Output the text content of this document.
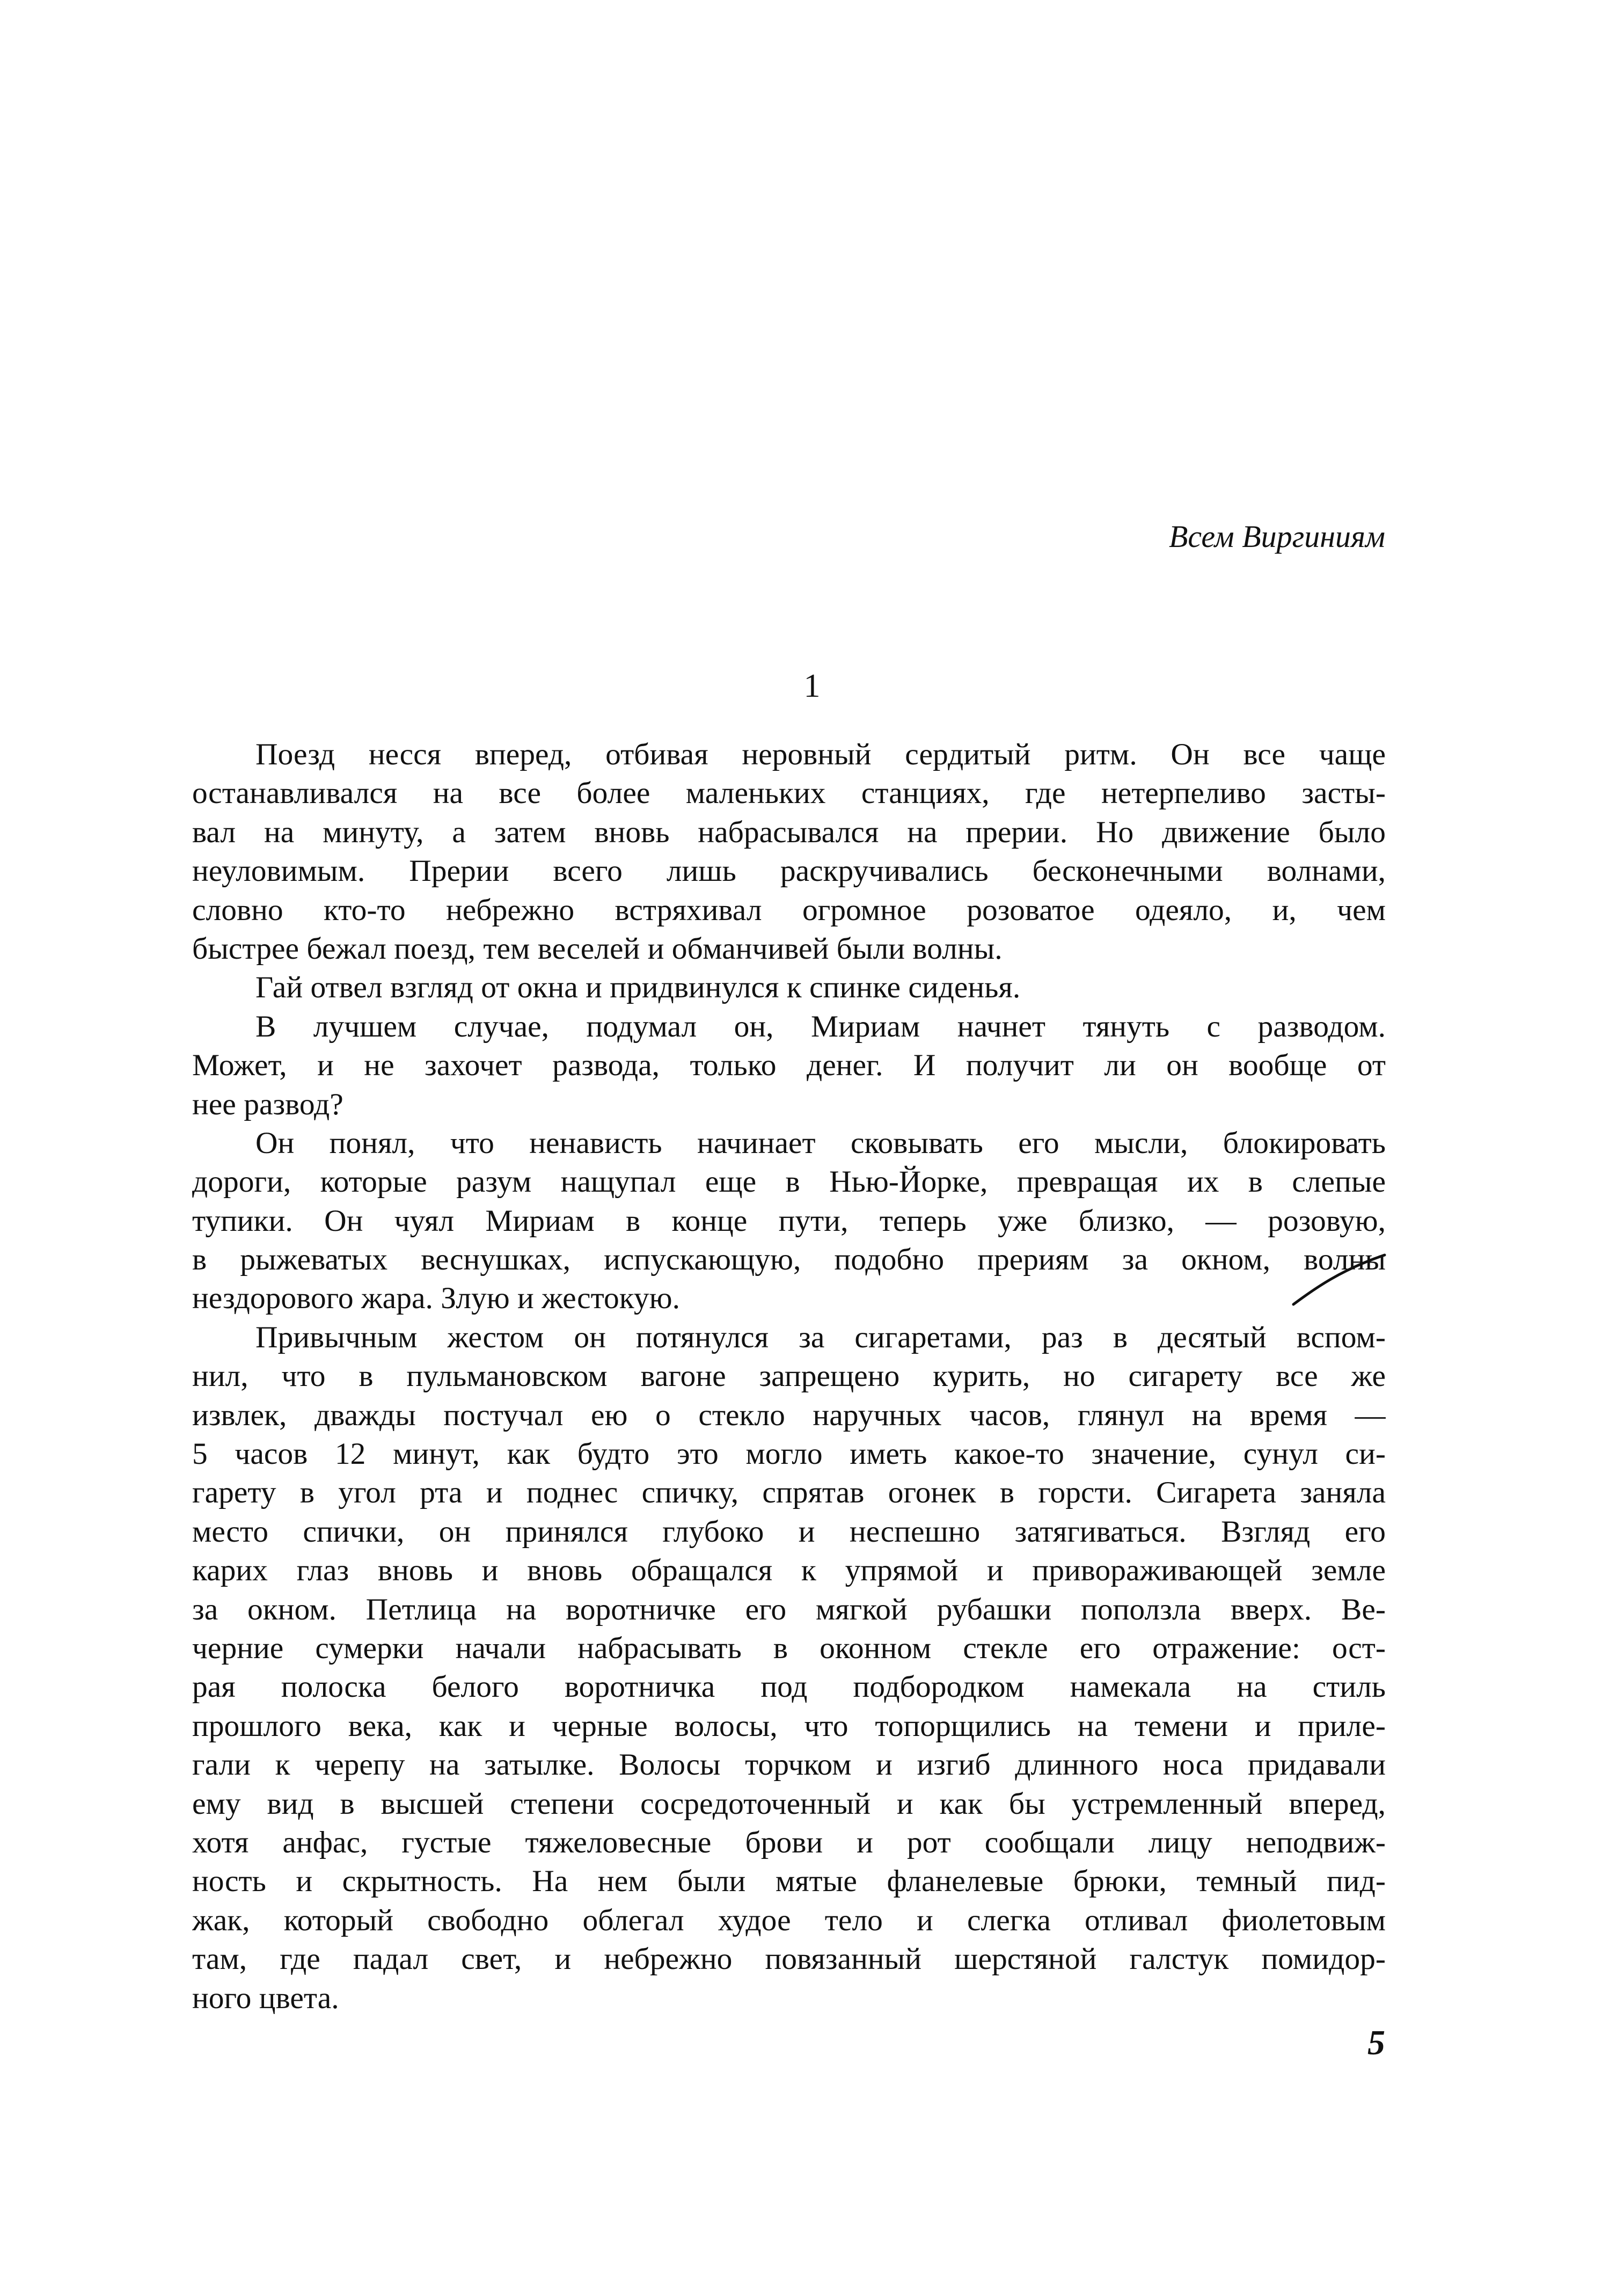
Всем Виргиниям
1
Поезд несся вперед, отбивая неровный сердитый ритм. Он все чаще
останавливался на все более маленьких станциях, где нетерпеливо засты-
вал на минуту, а затем вновь набрасывался на прерии. Но движение было
неуловимым. Прерии всего лишь раскручивались бесконечными волнами,
словно кто-то небрежно встряхивал огромное розоватое одеяло, и, чем
быстрее бежал поезд, тем веселей и обманчивей были волны.
Гай отвел взгляд от окна и придвинулся к спинке сиденья.
В лучшем случае, подумал он, Мириам начнет тянуть с разводом.
Может, и не захочет развода, только денег. И получит ли он вообще от
нее развод?
Он понял, что ненависть начинает сковывать его мысли, блокировать
дороги, которые разум нащупал еще в Нью-Йорке, превращая их в слепые
тупики. Он чуял Мириам в конце пути, теперь уже близко, — розовую,
в рыжеватых веснушках, испускающую, подобно прериям за окном, волны
нездорового жара. Злую и жестокую.
Привычным жестом он потянулся за сигаретами, раз в десятый вспом-
нил, что в пульмановском вагоне запрещено курить, но сигарету все же
извлек, дважды постучал ею о стекло наручных часов, глянул на время —
5 часов 12 минут, как будто это могло иметь какое-то значение, сунул си-
гарету в угол рта и поднес спичку, спрятав огонек в горсти. Сигарета заняла
место спички, он принялся глубоко и неспешно затягиваться. Взгляд его
карих глаз вновь и вновь обращался к упрямой и привораживающей земле
за окном. Петлица на воротничке его мягкой рубашки поползла вверх. Ве-
черние сумерки начали набрасывать в оконном стекле его отражение: ост-
рая полоска белого воротничка под подбородком намекала на стиль
прошлого века, как и черные волосы, что топорщились на темени и приле-
гали к черепу на затылке. Волосы торчком и изгиб длинного носа придавали
ему вид в высшей степени сосредоточенный и как бы устремленный вперед,
хотя анфас, густые тяжеловесные брови и рот сообщали лицу неподвиж-
ность и скрытность. На нем были мятые фланелевые брюки, темный пид-
жак, который свободно облегал худое тело и слегка отливал фиолетовым
там, где падал свет, и небрежно повязанный шерстяной галстук помидор-
ного цвета.
5
